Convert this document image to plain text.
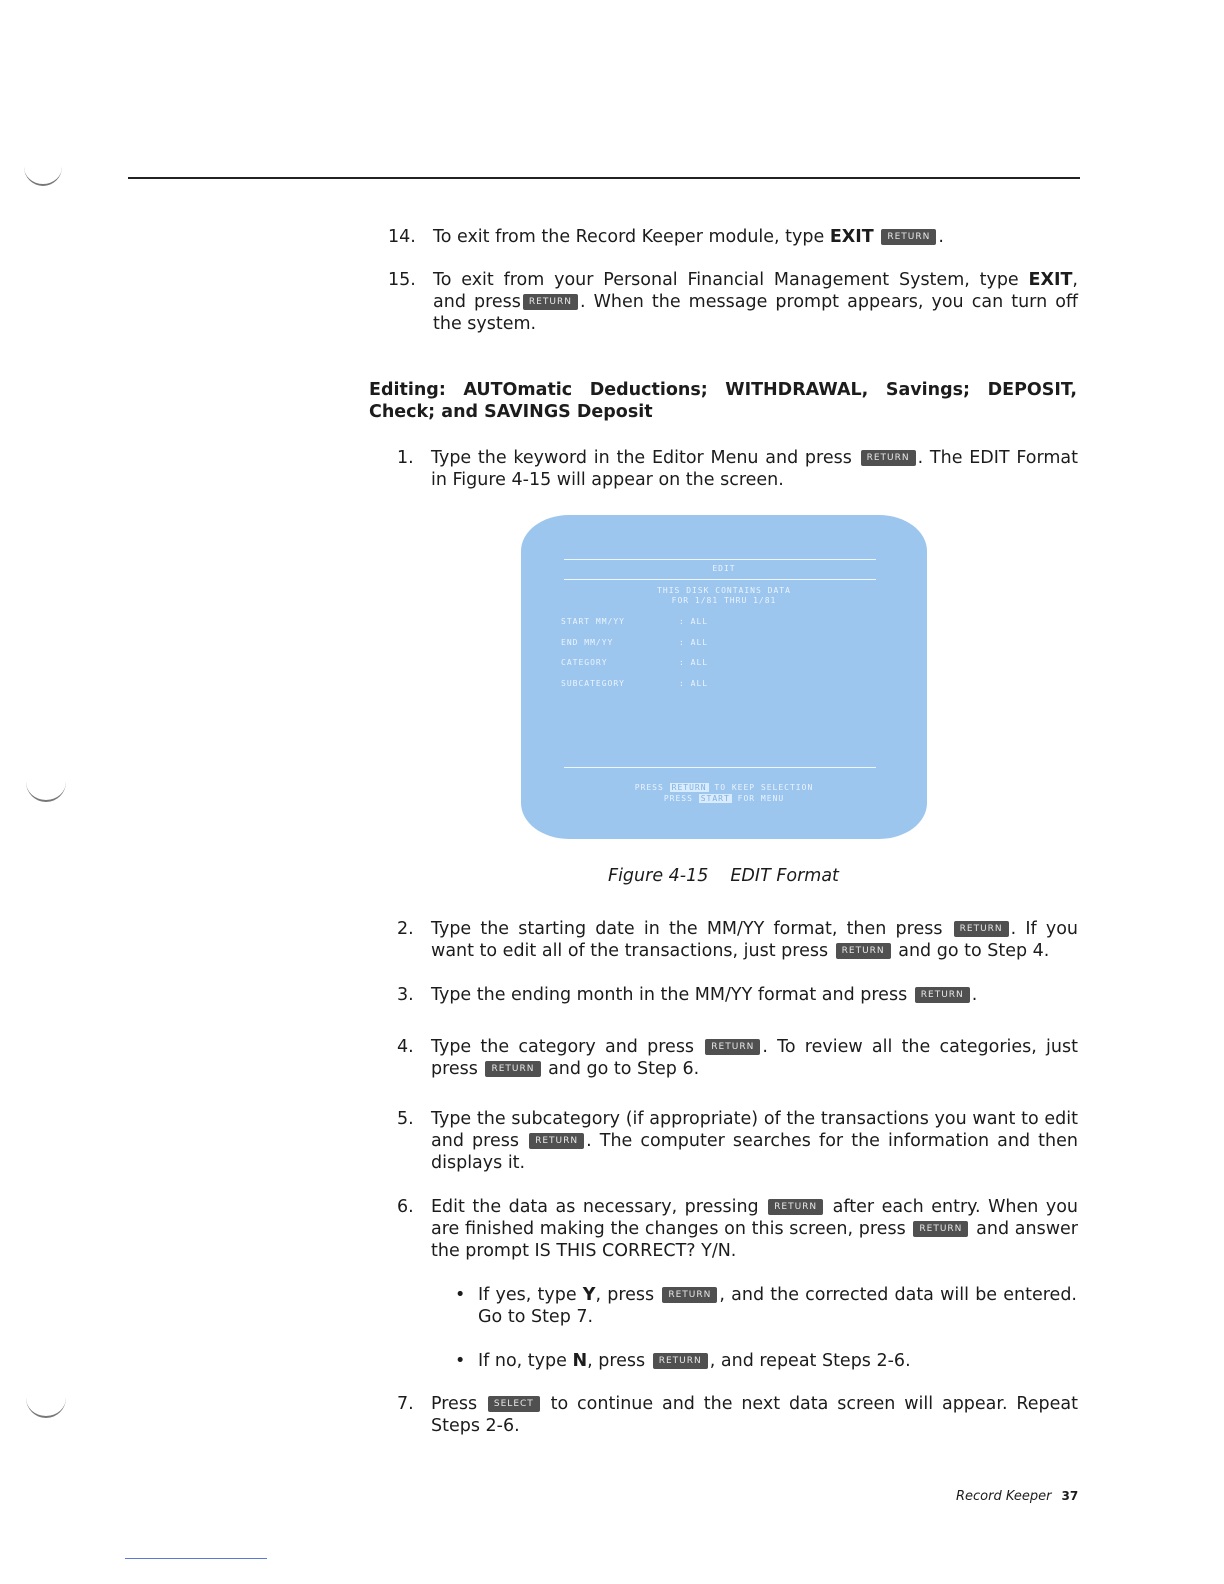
14. To exit from the Record Keeper module, type EXIT RETURN .
15. To exit from your Personal Financial Management System, type EXIT, and press RETURN . When the message prompt appears, you can turn off the system.
Editing: AUTOmatic Deductions; WITHDRAWAL, Savings; DEPOSIT, Check; and SAVINGS Deposit
1. Type the keyword in the Editor Menu and press RETURN . The EDIT Format in Figure 4-15 will appear on the screen.
EDIT
THIS DISK CONTAINS DATA
FOR 1/81 THRU 1/81
START MM/YY	: ALL
END MM/YY	: ALL
CATEGORY	: ALL
SUBCATEGORY	: ALL
PRESS RETURN TO KEEP SELECTION
PRESS START FOR MENU
Figure 4-15 EDIT Format
2. Type the starting date in the MM/YY format, then press RETURN . If you want to edit all of the transactions, just press RETURN and go to Step 4.
3. Type the ending month in the MM/YY format and press RETURN .
4. Type the category and press RETURN . To review all the categories, just press RETURN and go to Step 6.
5. Type the subcategory (if appropriate) of the transactions you want to edit and press RETURN . The computer searches for the information and then displays it.
6. Edit the data as necessary, pressing RETURN after each entry. When you are finished making the changes on this screen, press RETURN and answer the prompt IS THIS CORRECT? Y/N.
• If yes, type Y, press RETURN , and the corrected data will be entered. Go to Step 7.
• If no, type N, press RETURN , and repeat Steps 2-6.
7. Press SELECT to continue and the next data screen will appear. Repeat Steps 2-6.
Record Keeper 37
